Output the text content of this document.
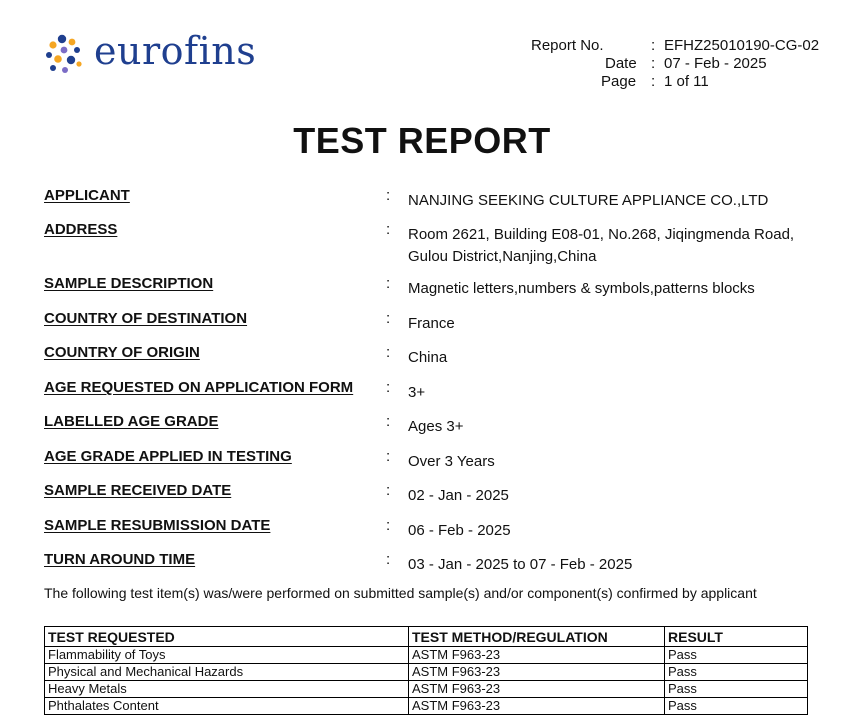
eurofins	Report No.	: EFHZ25010190-CG-02
Date : 07 - Feb - 2025
Page : 1 of 11
TEST REPORT
APPLICANT	: NANJING SEEKING CULTURE APPLIANCE CO.,LTD
ADDRESS	: Room 2621, Building E08-01, No.268, Jiqingmenda Road,
Gulou District,Nanjing,China
SAMPLE DESCRIPTION	: Magnetic letters,numbers & symbols,patterns blocks
COUNTRY OF DESTINATION	: France
COUNTRY OF ORIGIN	: China
AGE REQUESTED ON APPLICATION FORM : 3+
LABELLED AGE GRADE	: Ages 3+
AGE GRADE APPLIED IN TESTING	: Over 3 Years
SAMPLE RECEIVED DATE	: 02 - Jan - 2025
SAMPLE RESUBMISSION DATE	: 06 - Feb - 2025
TURN AROUND TIME	: 03 - Jan - 2025 to 07 - Feb - 2025
The following test item(s) was/were performed on submitted sample(s) and/or component(s) confirmed by applicant
TEST REQUESTED	TEST METHOD/REGULATION	RESULT
Flammability of Toys	ASTM F963-23	Pass
Physical and Mechanical Hazards	ASTM F963-23	Pass
Heavy Metals	ASTM F963-23	Pass
Phthalates Content	ASTM F963-23	Pass
